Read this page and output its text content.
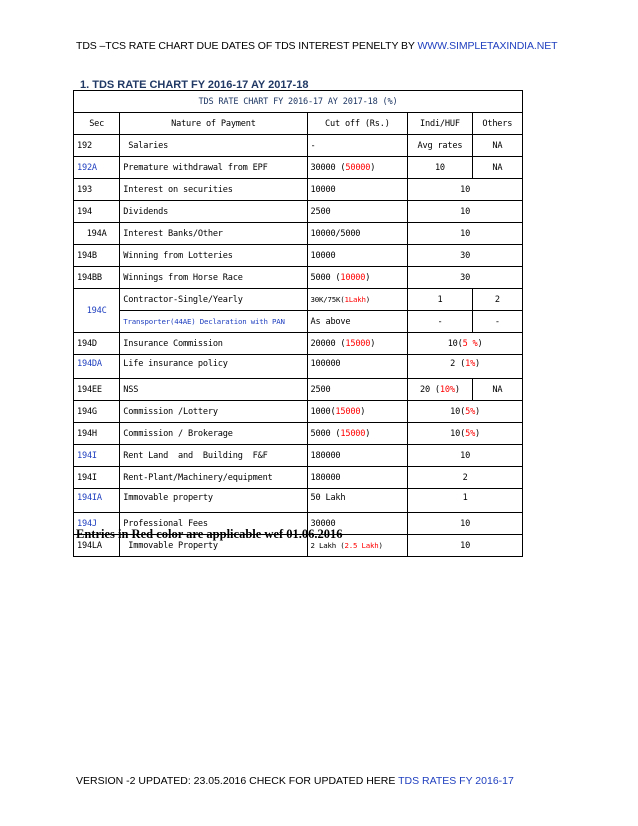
TDS –TCS RATE CHART DUE DATES OF TDS INTEREST PENELTY BY WWW.SIMPLETAXINDIA.NET
1. TDS RATE CHART FY 2016-17 AY 2017-18
TDS RATE CHART FY 2016-17 AY 2017-18 (%)				
Sec	Nature of Payment	Cut off (Rs.)	Indi/HUF	Others
192	Salaries	-	Avg rates	NA
192A	Premature withdrawal from EPF	30000 (50000)	10	NA
193	Interest on securities	10000	10	
194	Dividends	2500	10	
194A	Interest Banks/Other	10000/5000	10	
194B	Winning from Lotteries	10000	30	
194BB	Winnings from Horse Race	5000 (10000)	30	
194C	Contractor-Single/Yearly	30K/75K(1Lakh)	1	2
	Transporter(44AE) Declaration with PAN	As above	-	-
194D	Insurance Commission	20000 (15000)	10(5 %)	
194DA	Life insurance policy	100000	2 (1%)	
194EE	NSS	2500	20 (10%)	NA
194G	Commission /Lottery	1000(15000)	10(5%)	
194H	Commission / Brokerage	5000 (15000)	10(5%)	
194I	Rent Land  and  Building  F&F	180000	10	
194I	Rent-Plant/Machinery/equipment	180000	2	
194IA	Immovable property	50 Lakh	1	
194J	Professional Fees	30000	10	
194LA	Immovable Property	2 Lakh (2.5 Lakh)	10	
Entries in Red color are applicable wef 01.06.2016
VERSION -2 UPDATED: 23.05.2016 CHECK FOR UPDATED HERE TDS RATES FY 2016-17
